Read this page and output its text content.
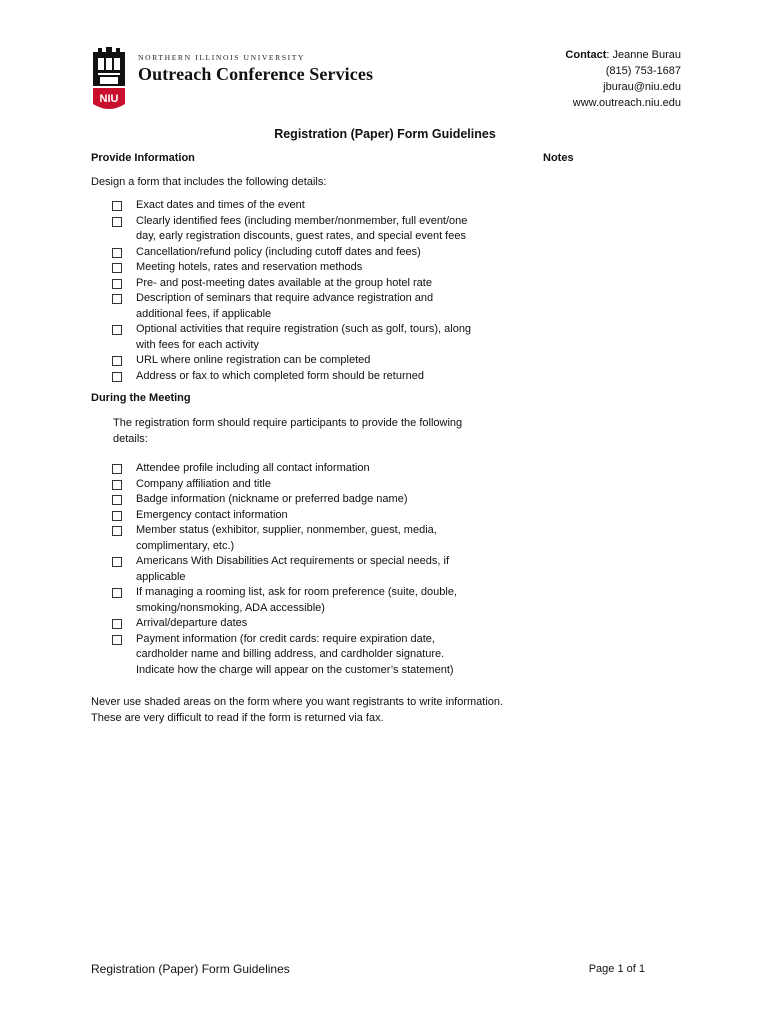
NIU
NORTHERN ILLINOIS UNIVERSITY
Outreach Conference Services
Contact: Jeanne Burau
(815) 753-1687
jburau@niu.edu
www.outreach.niu.edu
Registration (Paper) Form Guidelines
Provide Information	Notes
Design a form that includes the following details:
Exact dates and times of the event
Clearly identified fees (including member/nonmember, full event/one
day, early registration discounts, guest rates, and special event fees
Cancellation/refund policy (including cutoff dates and fees)
Meeting hotels, rates and reservation methods
Pre- and post-meeting dates available at the group hotel rate
Description of seminars that require advance registration and
additional fees, if applicable
Optional activities that require registration (such as golf, tours), along
with fees for each activity
URL where online registration can be completed
Address or fax to which completed form should be returned
During the Meeting
The registration form should require participants to provide the following
details:
Attendee profile including all contact information
Company affiliation and title
Badge information (nickname or preferred badge name)
Emergency contact information
Member status (exhibitor, supplier, nonmember, guest, media,
complimentary, etc.)
Americans With Disabilities Act requirements or special needs, if
applicable
If managing a rooming list, ask for room preference (suite, double,
smoking/nonsmoking, ADA accessible)
Arrival/departure dates
Payment information (for credit cards: require expiration date,
cardholder name and billing address, and cardholder signature.
Indicate how the charge will appear on the customer’s statement)
Never use shaded areas on the form where you want registrants to write information.
These are very difficult to read if the form is returned via fax.
Registration (Paper) Form Guidelines	Page 1 of 1
